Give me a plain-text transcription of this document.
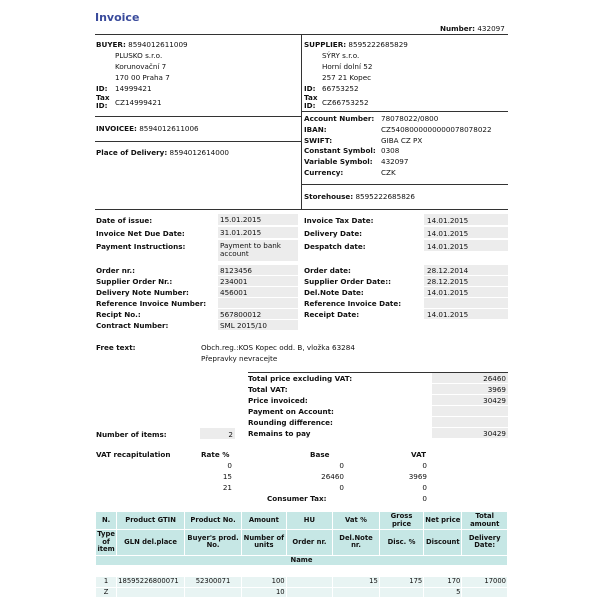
Invoice
Number: 432097
BUYER: 8594012611009
PLUSKO s.r.o.
Korunovační 7
170 00 Praha 7
ID: 14999421
Tax ID:	CZ14999421
SUPPLIER: 8595222685829
SÝRY s.r.o.
Horní dolní 52
257 21 Kopec
ID: 66753252
Tax ID: CZ66753252
INVOICEE: 8594012611006
Place of Delivery: 8594012614000
Account Number: 78078022/0800
IBAN:	CZ5408000000000078078022
SWIFT:	GIBA CZ PX
Constant Symbol: 0308
Variable Symbol: 432097
Currency:	CZK
Storehouse: 8595222685826
Date of issue:	15.01.2015
Invoice Net Due Date:	31.01.2015
Payment Instructions:	Payment to bank account
Invoice Tax Date:	14.01.2015
Delivery Date:	14.01.2015
Despatch date:	14.01.2015
Order nr.:	8123456
Supplier Order Nr.:	234001
Delivery Note Number:	456001
Reference Invoice Number:
Recipt No.:	567800012
Contract Number:	SML 2015/10
Order date:	28.12.2014
Supplier Order Date::	28.12.2015
Del.Note Date:	14.01.2015
Reference Invoice Date:
Receipt Date:	14.01.2015
Free text:	Obch.reg.:KOS Kopec odd. B, vložka 63284
Přepravky nevracejte
Total price excluding VAT:	26460
Total VAT:	3969
Price invoiced:	30429
Payment on Account:
Rounding difference:
Remains to pay	30429
Number of items:	2
VAT recapitulation	Rate %	Base	VAT
0	0	0
15	26460	3969
21	0	0
Consumer Tax:	0
N.	Product GTIN	Product No.	Amount	HU	Vat %	Gross price	Net price	Total amount
Type of item	GLN del.place	Buyer's prod. No.	Number of units	Order nr.	Del.Note nr.	Disc. %	Discount	Delivery Date:
Name								

1	18595226800071	52300071	100		15	175	170	17000
Z			10				5	
